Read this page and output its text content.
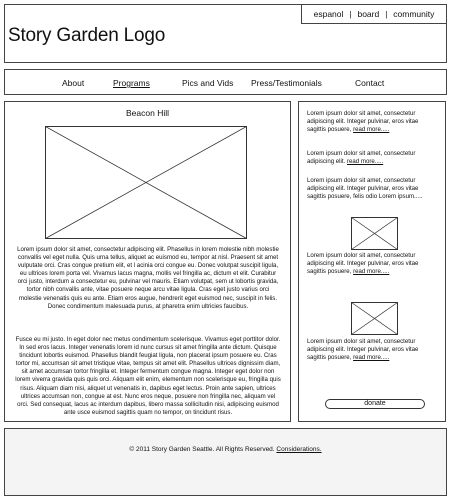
espanol | board | community
Story Garden Logo
About	Programs	Pics and Vids Press/Testimonials	Contact
Beacon Hill

Lorem ipsum dolor sit amet, consectetur adipiscing elit. Phasellus in lorem molestie nibh molestie convallis vel eget nulla. Quis urna tellus, aliquet ac euismod eu, tempor at nisl. Praesent sit amet vulputate orci. Cras congue pretium elit, et l acinia orci congue eu. Donec volutpat suscipit ligula, eu ultrices lorem porta vel. Vivamus lacus magna, mollis vel fringilla ac, dictum et elit. Curabitur orci justo, interdum a consectetur eu, pulvinar vel mauris. Etiam volutpat, sem ut lobortis gravida, tortor nibh convallis ante, vitae posuere neque arcu vitae ligula. Cras eget justo varius orci molestie venenatis quis eu ante. Etiam eros augue, hendrerit eget euismod nec, suscipit in felis. Donec condimentum malesuada purus, at pharetra enim ultricies faucibus.

Fusce eu mi justo. In eget dolor nec metus condimentum scelerisque. Vivamus eget porttitor dolor. In sed eros lacus. Integer venenatis lorem id nunc cursus sit amet fringilla ante dictum. Quisque tincidunt lobortis euismod. Phasellus blandit feugiat ligula, non placerat ipsum posuere eu. Cras tortor mi, accumsan sit amet tristique vitae, tempus sit amet elit. Phasellus ultrices dignissim diam, sit amet accumsan tortor fringilla et. Integer fermentum congue magna. Integer eget dolor non lorem viverra gravida quis quis orci. Aliquam elit enim, elementum non scelerisque eu, fringilla quis risus. Aliquam diam nisi, aliquet ut venenatis in, dapibus eget lectus. Proin ante sapien, ultrices ultrices accumsan non, congue at est. Nunc eros neque, posuere non fringilla nec, aliquam vel orci. Sed consequat, lacus ac interdum dapibus, libero massa sollicitudin nisi, adipiscing euismod ante usce euismod sagittis quam no tempor, on tincidunt risus.

Lorem ipsum dolor sit amet, consectetur adipiscing elit. Integer pulvinar, eros vitae sagittis posuere, read more.....

Lorem ipsum dolor sit amet, consectetur adipiscing elit. read more.....

Lorem ipsum dolor sit amet, consectetur adipiscing elit. Integer pulvinar, eros vitae sagittis posuere, felis odio Lorem ipsum.....

Lorem ipsum dolor sit amet, consectetur adipiscing elit. Integer pulvinar, eros vitae sagittis posuere, read more.....

Lorem ipsum dolor sit amet, consectetur adipiscing elit. Integer pulvinar, eros vitae sagittis posuere, read more.....

donate
© 2011 Story Garden Seattle. All Rights Reserved. Considerations.
